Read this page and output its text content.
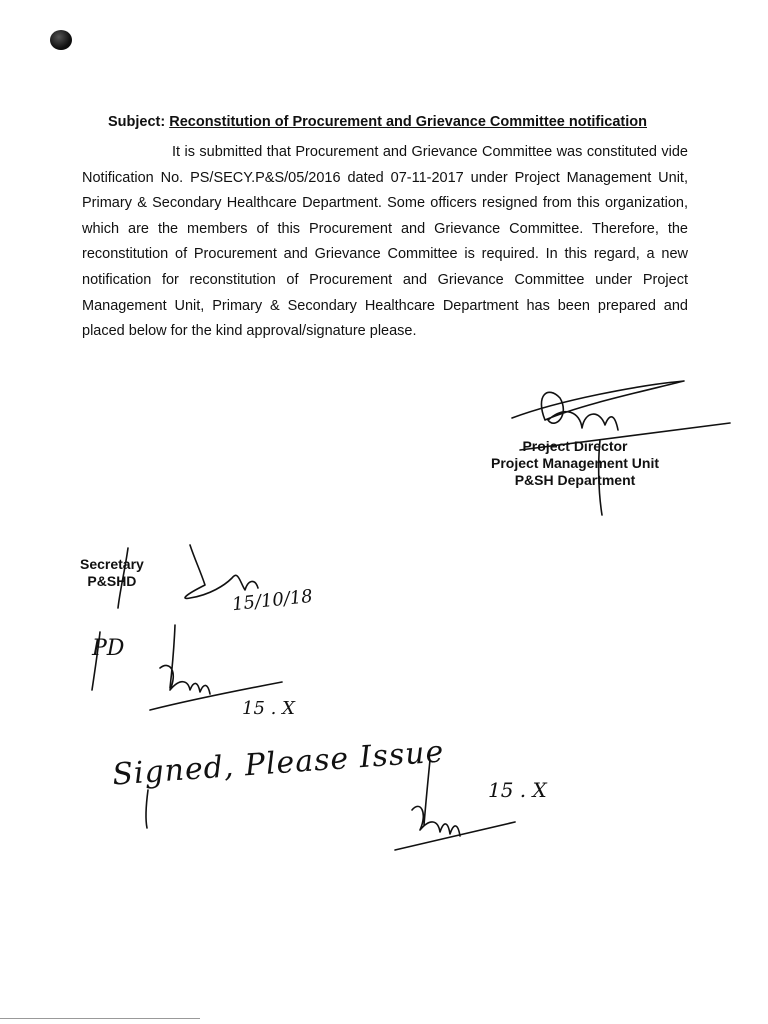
Subject: Reconstitution of Procurement and Grievance Committee notification
It is submitted that Procurement and Grievance Committee was constituted vide Notification No. PS/SECY.P&S/05/2016 dated 07-11-2017 under Project Management Unit, Primary & Secondary Healthcare Department. Some officers resigned from this organization, which are the members of this Procurement and Grievance Committee. Therefore, the reconstitution of Procurement and Grievance Committee is required. In this regard, a new notification for reconstitution of Procurement and Grievance Committee under Project Management Unit, Primary & Secondary Healthcare Department has been prepared and placed below for the kind approval/signature please.
Project Director
Project Management Unit
P&SH Department
Secretary
P&SHD
15/10/18
PD
15 . X
Signed, Please Issue 15 . X
